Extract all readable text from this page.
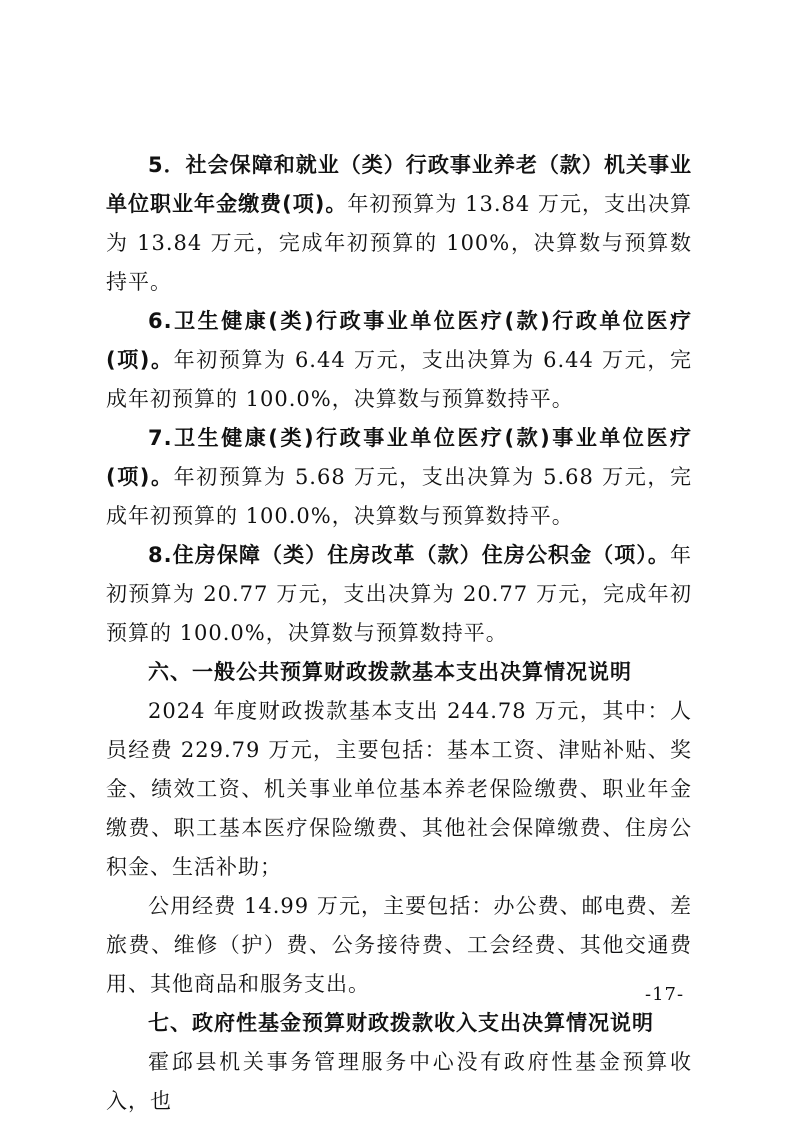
5．社会保障和就业（类）行政事业养老（款）机关事业单位职业年金缴费(项)。年初预算为 13.84 万元，支出决算为 13.84 万元，完成年初预算的 100%，决算数与预算数持平。

6.卫生健康(类)行政事业单位医疗(款)行政单位医疗(项)。年初预算为 6.44 万元，支出决算为 6.44 万元，完成年初预算的 100.0%，决算数与预算数持平。

7.卫生健康(类)行政事业单位医疗(款)事业单位医疗(项)。年初预算为 5.68 万元，支出决算为 5.68 万元，完成年初预算的 100.0%，决算数与预算数持平。

8.住房保障（类）住房改革（款）住房公积金（项）。年初预算为 20.77 万元，支出决算为 20.77 万元，完成年初预算的 100.0%，决算数与预算数持平。

六、一般公共预算财政拨款基本支出决算情况说明

2024 年度财政拨款基本支出 244.78 万元，其中：人员经费 229.79 万元，主要包括：基本工资、津贴补贴、奖金、绩效工资、机关事业单位基本养老保险缴费、职业年金缴费、职工基本医疗保险缴费、其他社会保障缴费、住房公积金、生活补助；

公用经费 14.99 万元，主要包括：办公费、邮电费、差旅费、维修（护）费、公务接待费、工会经费、其他交通费用、其他商品和服务支出。

七、政府性基金预算财政拨款收入支出决算情况说明

霍邱县机关事务管理服务中心没有政府性基金预算收入，也

-17-
